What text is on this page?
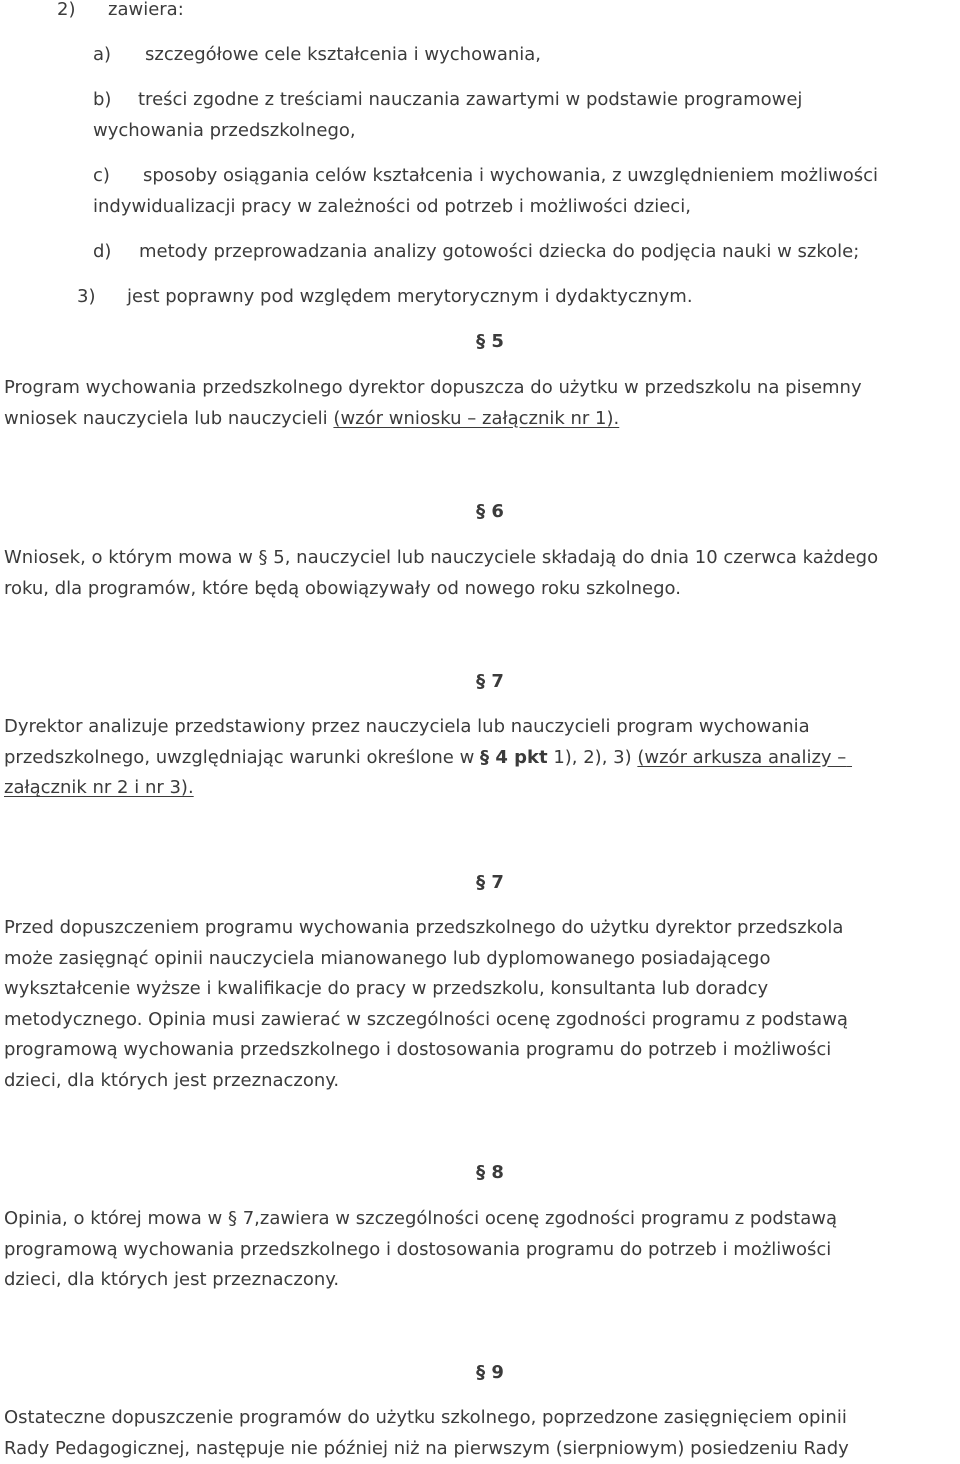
2) zawiera:
a) szczegółowe cele kształcenia i wychowania,
b) treści zgodne z treściami nauczania zawartymi w podstawie programowej
wychowania przedszkolnego,
c) sposoby osiągania celów kształcenia i wychowania, z uwzględnieniem możliwości
indywidualizacji pracy w zależności od potrzeb i możliwości dzieci,
d) metody przeprowadzania analizy gotowości dziecka do podjęcia nauki w szkole;
3) jest poprawny pod względem merytorycznym i dydaktycznym.
§ 5
Program wychowania przedszkolnego dyrektor dopuszcza do użytku w przedszkolu na pisemny
wniosek nauczyciela lub nauczycieli (wzór wniosku – załącznik nr 1).
§ 6
Wniosek, o którym mowa w § 5, nauczyciel lub nauczyciele składają do dnia 10 czerwca każdego
roku, dla programów, które będą obowiązywały od nowego roku szkolnego.
§ 7
Dyrektor analizuje przedstawiony przez nauczyciela lub nauczycieli program wychowania
przedszkolnego, uwzględniając warunki określone w § 4 pkt 1), 2), 3) (wzór arkusza analizy –
załącznik nr 2 i nr 3).
§ 7
Przed dopuszczeniem programu wychowania przedszkolnego do użytku dyrektor przedszkola
może zasięgnąć opinii nauczyciela mianowanego lub dyplomowanego posiadającego
wykształcenie wyższe i kwalifikacje do pracy w przedszkolu, konsultanta lub doradcy
metodycznego. Opinia musi zawierać w szczególności ocenę zgodności programu z podstawą
programową wychowania przedszkolnego i dostosowania programu do potrzeb i możliwości
dzieci, dla których jest przeznaczony.
§ 8
Opinia, o której mowa w § 7,zawiera w szczególności ocenę zgodności programu z podstawą
programową wychowania przedszkolnego i dostosowania programu do potrzeb i możliwości
dzieci, dla których jest przeznaczony.
§ 9
Ostateczne dopuszczenie programów do użytku szkolnego, poprzedzone zasięgnięciem opinii
Rady Pedagogicznej, następuje nie później niż na pierwszym (sierpniowym) posiedzeniu Rady
